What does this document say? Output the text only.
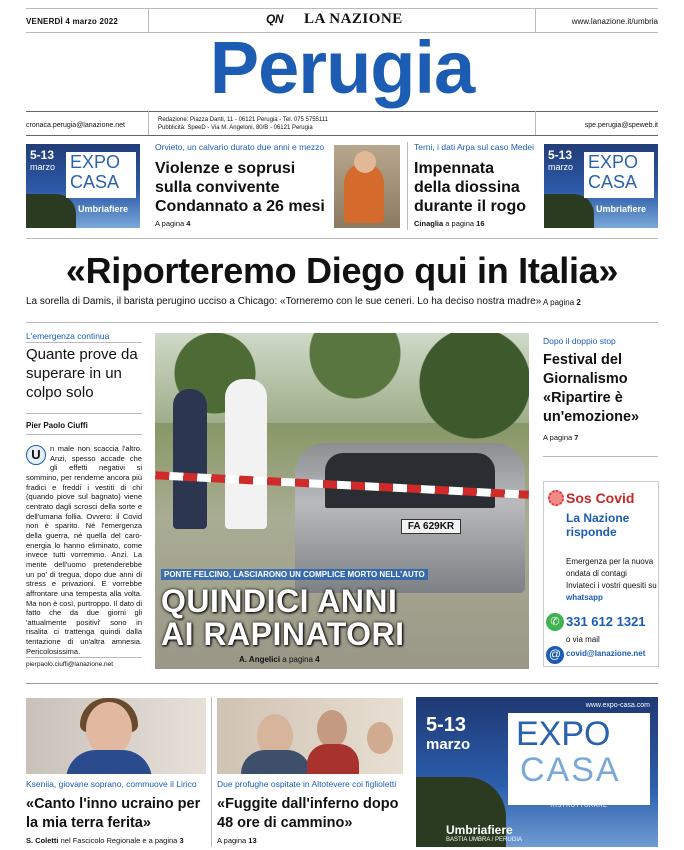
VENERDÌ 4 marzo 2022	QN LA NAZIONE	www.lanazione.it/umbria
Perugia
cronaca.perugia@lanazione.net
Redazione: Piazza Danti, 11 - 06121 Perugia - Tel. 075 5755111
Pubblicità: SpeeD - Via M. Angeloni, 80/B - 06121 Perugia	spe.perugia@speweb.it
5-13
marzo EXPO
CASA
Umbriafiere
Orvieto, un calvario durato due anni e mezzo
Violenze e soprusi
sulla convivente
Condannato a 26 mesi
A pagina 4
Terni, i dati Arpa sul caso Medei
Impennata
della diossina
durante il rogo
Cinaglia a pagina 16
5-13
marzo EXPO
CASA
Umbriafiere
«Riporteremo Diego qui in Italia»
La sorella di Damis, il barista perugino ucciso a Chicago: «Torneremo con le sue ceneri. Lo ha deciso nostra madre» A pagina 2
L'emergenza continua
Quante prove da superare in un colpo solo
Pier Paolo Ciuffi
U	n male non scaccia l'altro. Anzi, spesso accade che gli effetti negativi si sommino, per renderne ancora più fradici e freddi i vestiti di chi (quando piove sul bagnato) viene centrato dagli scrosci della sorte e dell'umana follia. Ovvero: il Covid non è sparito. Né l'emergenza della guerra, né quella del caro-energia lo hanno eliminato, come invece tutti vorremmo. Anzi. La mente dell'uomo pretenderebbe un po' di tregua, dopo due anni di stress e privazioni. E vorrebbe affrontare una tempesta alla volta. Ma non è così, purtroppo. Il dato di fatto che da due giorni gli 'attualmente positivi' sono in risalita ci trattenga quindi dalla tentazione di un'altra amnesia. Pericolosissima.
pierpaolo.ciuffi@lanazione.net
FA 629KR
PONTE FELCINO, LASCIARONO UN COMPLICE MORTO NELL'AUTO
QUINDICI ANNI
AI RAPINATORI
A. Angelici a pagina 4
Dopo il doppio stop
Festival del Giornalismo «Ripartire è un'emozione»
A pagina 7
Sos Covid
La Nazione risponde
Emergenza per la nuova ondata di contagi Inviateci i vostri quesiti su whatsapp
✆ 331 612 1321
o via mail
@ covid@lanazione.net
Kseniia, giovane soprano, commuove il Lirico
«Canto l'inno ucraino per la mia terra ferita»
S. Coletti nel Fascicolo Regionale e a pagina 3
Due profughe ospitate in Altotevere coi figlioletti
«Fuggite dall'inferno dopo 48 ore di cammino»
A pagina 13
www.expo-casa.com
5-13
marzo EXPO
CASA
ARREDARE · COSTRUIRE · RISTRUTTURARE
Umbriafiere
BASTIA UMBRA / PERUGIA
